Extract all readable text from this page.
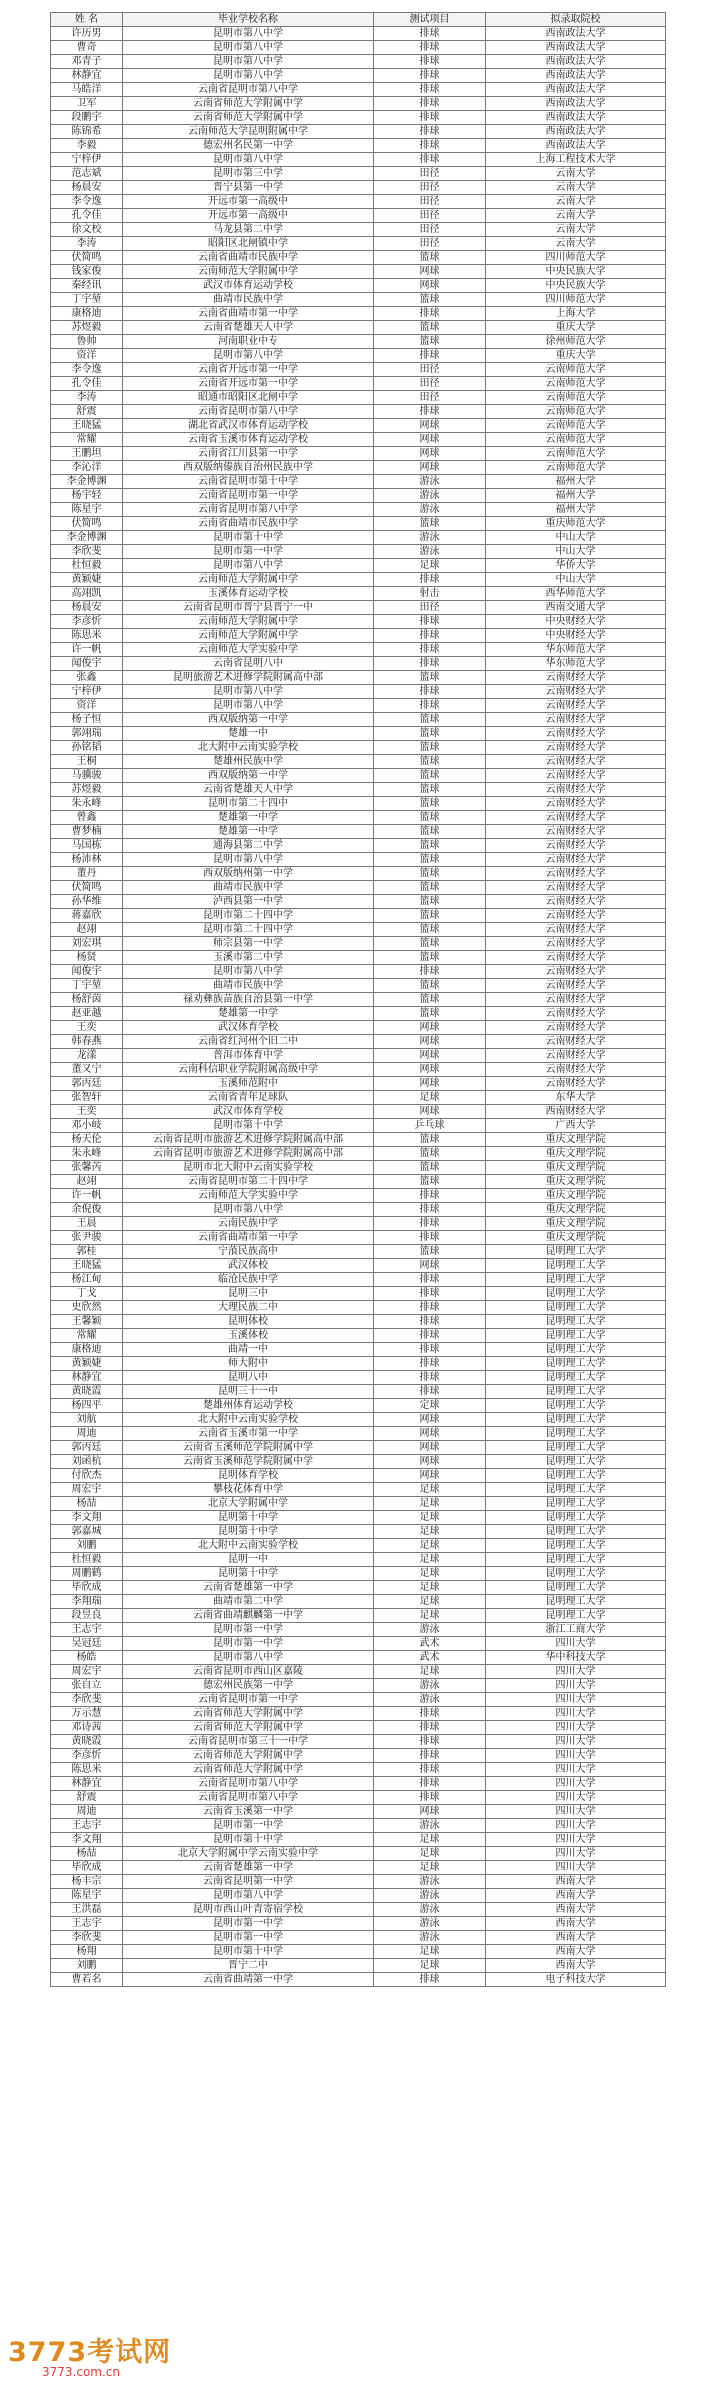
姓 名	毕业学校名称	测试项目	拟录取院校
许历男	昆明市第八中学	排球	西南政法大学
曹奇	昆明市第八中学	排球	西南政法大学
邓青子	昆明市第八中学	排球	西南政法大学
林静宜	昆明市第八中学	排球	西南政法大学
马皓洋	云南省昆明市第八中学	排球	西南政法大学
卫军	云南省师范大学附属中学	排球	西南政法大学
段鹏宇	云南省师范大学附属中学	排球	西南政法大学
陈锦希	云南师范大学昆明附属中学	排球	西南政法大学
李毅	德宏州名民第一中学	排球	西南政法大学
宁梓伊	昆明市第八中学	排球	上海工程技术大学
范志斌	昆明市第三中学	田径	云南大学
杨晨安	晋宁县第一中学	田径	云南大学
李令逸	开远市第一高级中	田径	云南大学
孔令佳	开远市第一高级中	田径	云南大学
徐文校	马龙县第二中学	田径	云南大学
李涛	昭阳区北闸镇中学	田径	云南大学
伏简鸣	云南省曲靖市民族中学	篮球	四川师范大学
钱家俊	云南师范大学附属中学	网球	中央民族大学
秦经讯	武汉市体育运动学校	网球	中央民族大学
丁宇堃	曲靖市民族中学	篮球	四川师范大学
康格迪	云南省曲靖市第一中学	排球	上海大学
苏煜毅	云南省楚雄天人中学	篮球	重庆大学
鲁帅	河南职业中专	篮球	徐州师范大学
资洋	昆明市第八中学	排球	重庆大学
李令逸	云南省开远市第一中学	田径	云南师范大学
孔令佳	云南省开远市第一中学	田径	云南师范大学
李涛	昭通市昭阳区北闸中学	田径	云南师范大学
舒震	云南省昆明市第八中学	排球	云南师范大学
王晓猛	湖北省武汉市体育运动学校	网球	云南师范大学
常耀	云南省玉溪市体育运动学校	网球	云南师范大学
王鹏坦	云南省江川县第一中学	网球	云南师范大学
李沁洋	西双版纳傣族自治州民族中学	网球	云南师范大学
李金博渊	云南省昆明市第十中学	游泳	福州大学
杨宇轻	云南省昆明市第一中学	游泳	福州大学
陈星宇	云南省昆明市第八中学	游泳	福州大学
伏简鸣	云南省曲靖市民族中学	篮球	重庆师范大学
李金博渊	昆明市第十中学	游泳	中山大学
李欣斐	昆明市第一中学	游泳	中山大学
杜恒毅	昆明市第八中学	足球	华侨大学
黄颖婕	云南师范大学附属中学	排球	中山大学
高翊凯	玉溪体育运动学校	射击	西华师范大学
杨晨安	云南省昆明市晋宁县晋宁一中	田径	西南交通大学
李彦忻	云南师范大学附属中学	排球	中央财经大学
陈思米	云南师范大学附属中学	排球	中央财经大学
许一帆	云南师范大学实验中学	排球	华东师范大学
闻俊宇	云南省昆明八中	排球	华东师范大学
张鑫	昆明旅游艺术进修学院附属高中部	篮球	云南财经大学
宁梓伊	昆明市第八中学	排球	云南财经大学
资洋	昆明市第八中学	排球	云南财经大学
杨子恒	西双版纳第一中学	篮球	云南财经大学
郭翊瑞	楚雄一中	篮球	云南财经大学
孙铭韬	北大附中云南实验学校	篮球	云南财经大学
王桐	楚雄州民族中学	篮球	云南财经大学
马骥骏	西双版纳第一中学	篮球	云南财经大学
苏煜毅	云南省楚雄天人中学	篮球	云南财经大学
朱永峰	昆明市第二十四中	篮球	云南财经大学
曾鑫	楚雄第一中学	篮球	云南财经大学
曹梦楠	楚雄第一中学	篮球	云南财经大学
马国栋	通海县第二中学	篮球	云南财经大学
杨沛林	昆明市第八中学	篮球	云南财经大学
董丹	西双版纳州第一中学	篮球	云南财经大学
伏简鸣	曲靖市民族中学	篮球	云南财经大学
孙华维	泸西县第一中学	篮球	云南财经大学
蒋嘉欣	昆明市第二十四中学	篮球	云南财经大学
赵翊	昆明市第二十四中学	篮球	云南财经大学
刘宏琪	师宗县第一中学	篮球	云南财经大学
杨贤	玉溪市第二中学	篮球	云南财经大学
闻俊宇	昆明市第八中学	排球	云南财经大学
丁宇堃	曲靖市民族中学	篮球	云南财经大学
杨舒茵	禄劝彝族苗族自治县第一中学	篮球	云南财经大学
赵亚越	楚雄第一中学	篮球	云南财经大学
王奕	武汉体育学校	网球	云南财经大学
韩春燕	云南省红河州个旧二中	网球	云南财经大学
龙漾	普洱市体育中学	网球	云南财经大学
董又宁	云南科信职业学院附属高级中学	网球	云南财经大学
郭丙廷	玉溪师范附中	网球	云南财经大学
张智轩	云南省青年足球队	足球	东华大学
王奕	武汉市体育学校	网球	西南财经大学
邓小岐	昆明市第十中学	乒乓球	广西大学
杨天伦	云南省昆明市旅游艺术进修学院附属高中部	篮球	重庆文理学院
朱永峰	云南省昆明市旅游艺术进修学院附属高中部	篮球	重庆文理学院
张馨芮	昆明市北大附中云南实验学校	篮球	重庆文理学院
赵翊	云南省昆明市第二十四中学	篮球	重庆文理学院
许一帆	云南师范大学实验中学	排球	重庆文理学院
余倪俊	昆明市第八中学	排球	重庆文理学院
王晨	云南民族中学	排球	重庆文理学院
张尹骏	云南省曲靖市第一中学	排球	重庆文理学院
郭桂	宁蒗民族高中	篮球	昆明理工大学
王晓猛	武汉体校	网球	昆明理工大学
杨江甸	临沧民族中学	排球	昆明理工大学
丁戈	昆明三中	排球	昆明理工大学
史欣然	大理民族二中	排球	昆明理工大学
王馨颖	昆明体校	排球	昆明理工大学
常耀	玉溪体校	排球	昆明理工大学
康格迪	曲靖一中	排球	昆明理工大学
黄颖婕	师大附中	排球	昆明理工大学
林静宜	昆明八中	排球	昆明理工大学
黄晓霞	昆明三十一中	排球	昆明理工大学
杨四平	楚雄州体育运动学校	定球	昆明理工大学
刘航	北大附中云南实验学校	网球	昆明理工大学
周迪	云南省玉溪市第一中学	网球	昆明理工大学
郭丙廷	云南省玉溪师范学院附属中学	网球	昆明理工大学
刘函杭	云南省玉溪师范学院附属中学	网球	昆明理工大学
付欣杰	昆明体育学校	网球	昆明理工大学
周宏宇	攀枝花体育中学	足球	昆明理工大学
杨喆	北京大学附属中学	足球	昆明理工大学
李文翔	昆明第十中学	足球	昆明理工大学
郭嘉城	昆明第十中学	足球	昆明理工大学
刘鹏	北大附中云南实验学校	足球	昆明理工大学
杜恒毅	昆明一中	足球	昆明理工大学
周鹏鹤	昆明第十中学	足球	昆明理工大学
毕欣成	云南省楚雄第一中学	足球	昆明理工大学
李翔瑞	曲靖市第二中学	足球	昆明理工大学
段昱良	云南省曲靖麒麟第一中学	足球	昆明理工大学
王志宇	昆明市第一中学	游泳	浙江工商大学
吴冠廷	昆明市第一中学	武术	四川大学
杨皓	昆明市第八中学	武术	华中科技大学
周宏宇	云南省昆明市西山区嘉陵	足球	四川大学
张自立	德宏州民族第一中学	游泳	四川大学
李欣斐	云南省昆明市第一中学	游泳	四川大学
万示慧	云南省师范大学附属中学	排球	四川大学
邓诗茜	云南省师范大学附属中学	排球	四川大学
黄晓霞	云南省昆明市第三十一中学	排球	四川大学
李彦忻	云南省师范大学附属中学	排球	四川大学
陈思米	云南省师范大学附属中学	排球	四川大学
林静宜	云南省昆明市第八中学	排球	四川大学
舒震	云南省昆明市第八中学	排球	四川大学
周迪	云南省玉溪第一中学	网球	四川大学
王志宇	昆明市第一中学	游泳	四川大学
李文翔	昆明市第十中学	足球	四川大学
杨喆	北京大学附属中学云南实验中学	足球	四川大学
毕欣成	云南省楚雄第一中学	足球	四川大学
杨丰宗	云南省昆明第一中学	游泳	西南大学
陈星宇	昆明市第八中学	游泳	西南大学
王洪磊	昆明市西山叶青寄宿学校	游泳	西南大学
王志宇	昆明市第一中学	游泳	西南大学
李欣斐	昆明市第一中学	游泳	西南大学
杨翔	昆明市第十中学	足球	西南大学
刘鹏	晋宁二中	足球	西南大学
曹若名	云南省曲靖第一中学	排球	电子科技大学
3773考试网
3773.com.cn
